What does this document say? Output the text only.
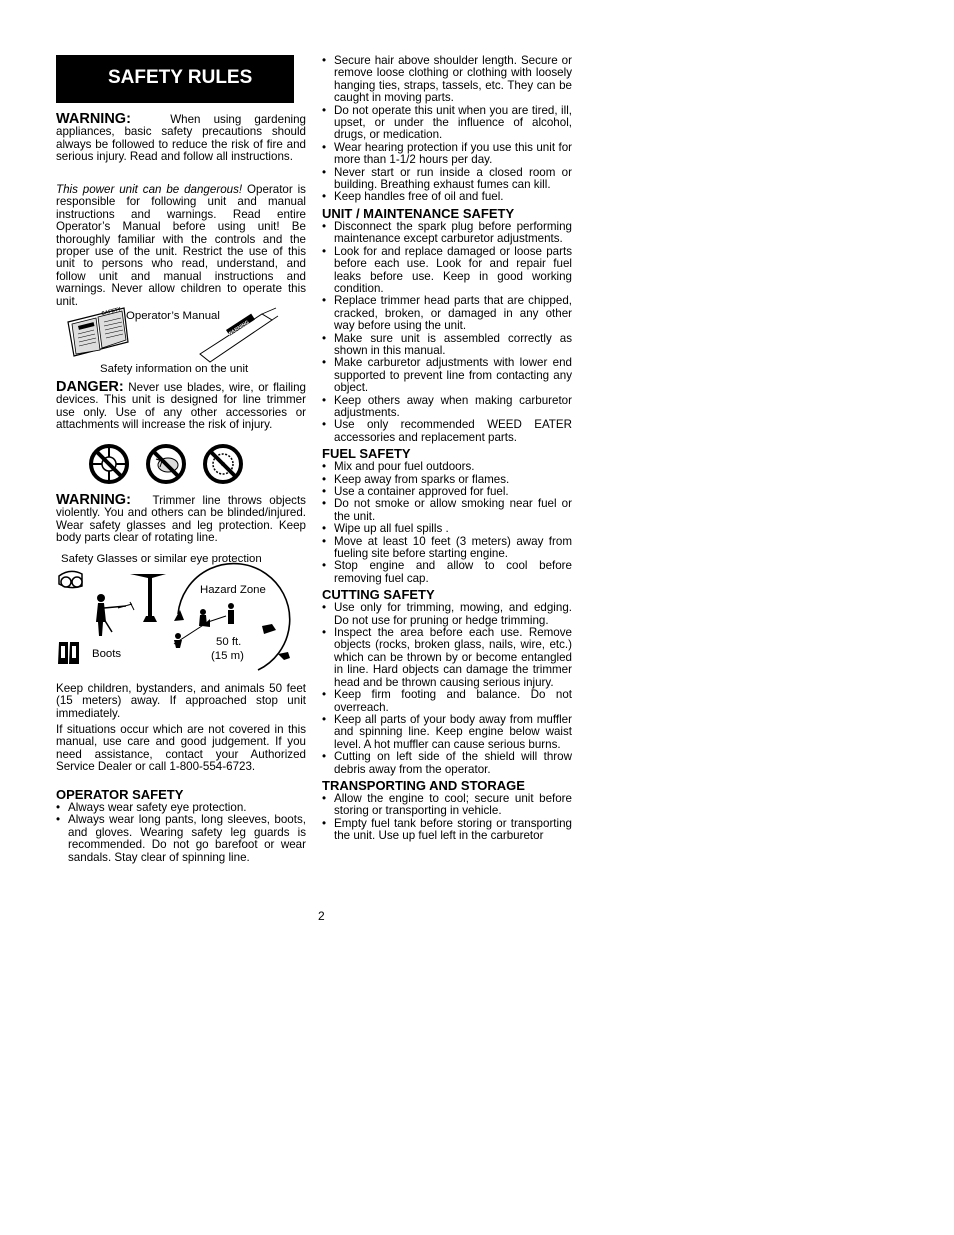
SAFETY RULES

WARNING:	When using gardening appliances, basic safety precautions should always be followed to reduce the risk of fire and serious injury. Read and follow all instructions.

This power unit can be dangerous! Operator is responsible for following unit and manual instructions and warnings. Read entire Operator’s Manual before using unit! Be thoroughly familiar with the controls and the proper use of the unit. Restrict the use of this unit to persons who read, understand, and follow unit and manual instructions and warnings. Never allow children to operate this unit.

SAFETY
WARNING
Operator’s Manual
Safety information on the unit

DANGER: Never use blades, wire, or flailing devices. This unit is designed for line trimmer use only. Use of any other accessories or attachments will increase the risk of injury.

WARNING: Trimmer line throws objects violently. You and others can be blinded/injured. Wear safety glasses and leg protection. Keep body parts clear of rotating line.

Safety Glasses or similar eye protection
Hazard Zone
50 ft.
(15 m)
Boots

Keep children, bystanders, and animals 50 feet (15 meters) away. If approached stop unit immediately.

If situations occur which are not covered in this manual, use care and good judgement. If you need assistance, contact your Authorized Service Dealer or call 1-800-554-6723.

OPERATOR SAFETY
• Always wear safety eye protection.
• Always wear long pants, long sleeves, boots, and gloves. Wearing safety leg guards is recommended. Do not go barefoot or wear sandals. Stay clear of spinning line.
• Secure hair above shoulder length. Secure or remove loose clothing or clothing with loosely hanging ties, straps, tassels, etc. They can be caught in moving parts.
• Do not operate this unit when you are tired, ill, upset, or under the influence of alcohol, drugs, or medication.
• Wear hearing protection if you use this unit for more than 1-1/2 hours per day.
• Never start or run inside a closed room or building. Breathing exhaust fumes can kill.
• Keep handles free of oil and fuel.
UNIT / MAINTENANCE SAFETY
• Disconnect the spark plug before performing maintenance except carburetor adjustments.
• Look for and replace damaged or loose parts before each use. Look for and repair fuel leaks before use. Keep in good working condition.
• Replace trimmer head parts that are chipped, cracked, broken, or damaged in any other way before using the unit.
• Make sure unit is assembled correctly as shown in this manual.
• Make carburetor adjustments with lower end supported to prevent line from contacting any object.
• Keep others away when making carburetor adjustments.
• Use only recommended WEED EATER accessories and replacement parts.
FUEL SAFETY
• Mix and pour fuel outdoors.
• Keep away from sparks or flames.
• Use a container approved for fuel.
• Do not smoke or allow smoking near fuel or the unit.
• Wipe up all fuel spills .
• Move at least 10 feet (3 meters) away from fueling site before starting engine.
• Stop engine and allow to cool before removing fuel cap.
CUTTING SAFETY
• Use only for trimming, mowing, and edging. Do not use for pruning or hedge trimming.
• Inspect the area before each use. Remove objects (rocks, broken glass, nails, wire, etc.) which can be thrown by or become entangled in line. Hard objects can damage the trimmer head and be thrown causing serious injury.
• Keep firm footing and balance. Do not overreach.
• Keep all parts of your body away from muffler and spinning line. Keep engine below waist level. A hot muffler can cause serious burns.
• Cutting on left side of the shield will throw debris away from the operator.
TRANSPORTING AND STORAGE
• Allow the engine to cool; secure unit before storing or transporting in vehicle.
• Empty fuel tank before storing or transporting the unit. Use up fuel left in the carburetor
2
